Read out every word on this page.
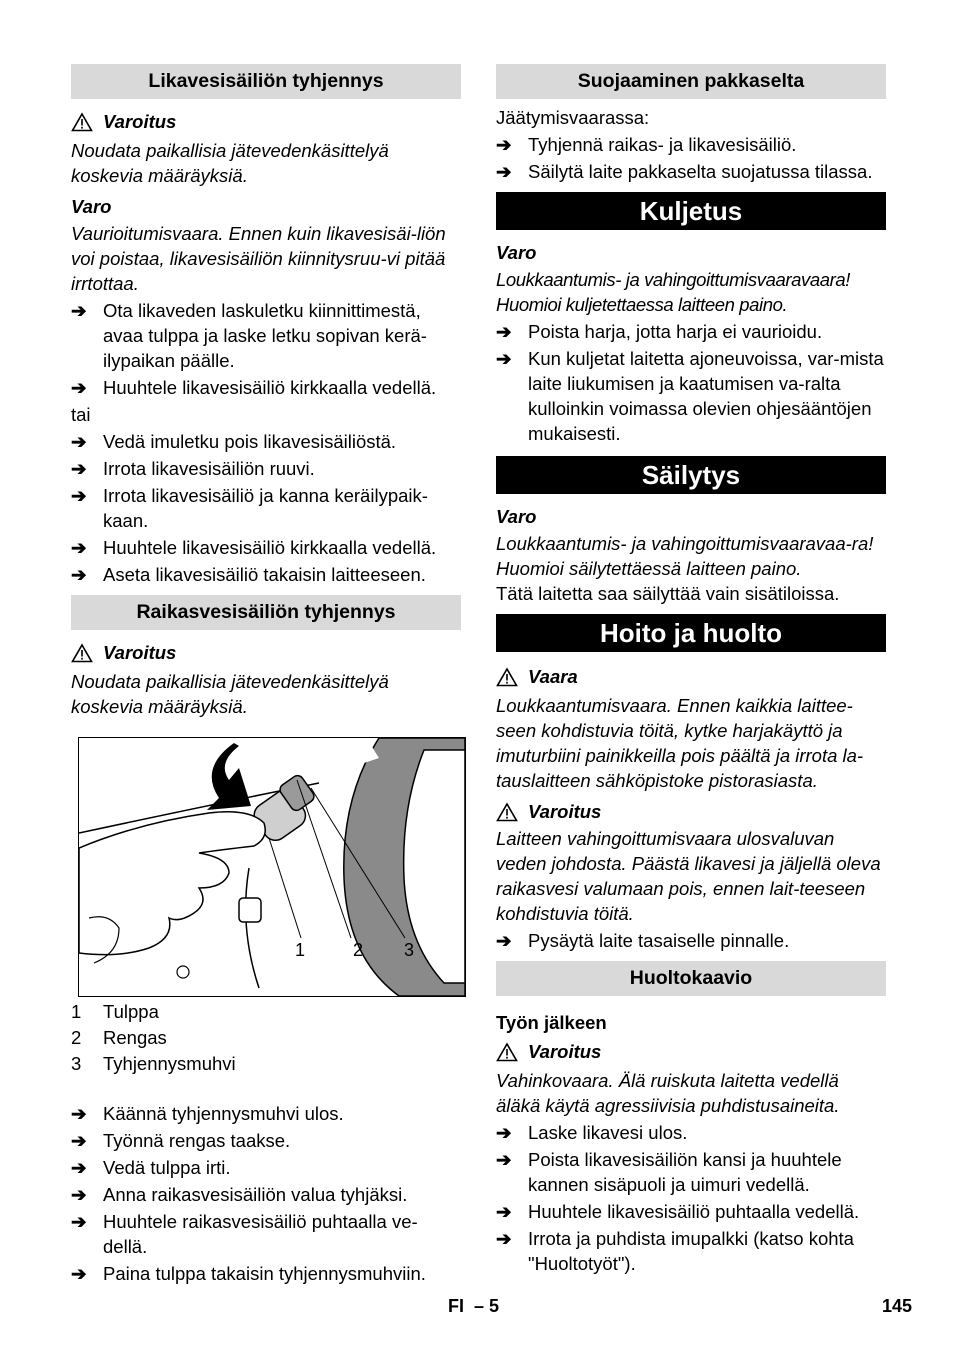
Likavesisäiliön tyhjennys
Varoitus
Noudata paikallisia jätevedenkäsittelyä koskevia määräyksiä.
Varo
Vaurioitumisvaara. Ennen kuin likavesisäi-liön voi poistaa, likavesisäiliön kiinnitysruu-vi pitää irrtottaa.
➔ Ota likaveden laskuletku kiinnittimestä, avaa tulppa ja laske letku sopivan kerä-ilypaikan päälle.
➔ Huuhtele likavesisäiliö kirkkaalla vedellä.
tai
➔ Vedä imuletku pois likavesisäiliöstä.
➔ Irrota likavesisäiliön ruuvi.
➔ Irrota likavesisäiliö ja kanna keräilypaik-kaan.
➔ Huuhtele likavesisäiliö kirkkaalla vedellä.
➔ Aseta likavesisäiliö takaisin laitteeseen.
Raikasvesisäiliön tyhjennys
Varoitus
Noudata paikallisia jätevedenkäsittelyä koskevia määräyksiä.
1	2 3
1	Tulppa
2	Rengas
3	Tyhjennysmuhvi
➔ Käännä tyhjennysmuhvi ulos.
➔ Työnnä rengas taakse.
➔ Vedä tulppa irti.
➔ Anna raikasvesisäiliön valua tyhjäksi.
➔ Huuhtele raikasvesisäiliö puhtaalla ve-dellä.
➔ Paina tulppa takaisin tyhjennysmuhviin.
Suojaaminen pakkaselta
Jäätymisvaarassa:
➔ Tyhjennä raikas- ja likavesisäiliö.
➔ Säilytä laite pakkaselta suojatussa tilassa.
Kuljetus
Varo
Loukkaantumis- ja vahingoittumisvaaravaara! Huomioi kuljetettaessa laitteen paino.
➔ Poista harja, jotta harja ei vaurioidu.
➔ Kun kuljetat laitetta ajoneuvoissa, var-mista laite liukumisen ja kaatumisen va-ralta kulloinkin voimassa olevien ohjesääntöjen mukaisesti.
Säilytys
Varo
Loukkaantumis- ja vahingoittumisvaaravaa-ra! Huomioi säilytettäessä laitteen paino.
Tätä laitetta saa säilyttää vain sisätiloissa.
Hoito ja huolto
Vaara
Loukkaantumisvaara. Ennen kaikkia laittee-seen kohdistuvia töitä, kytke harjakäyttö ja imuturbiini painikkeilla pois päältä ja irrota la-tauslaitteen sähköpistoke pistorasiasta.
Varoitus
Laitteen vahingoittumisvaara ulosvaluvan veden johdosta. Päästä likavesi ja jäljellä oleva raikasvesi valumaan pois, ennen lait-teeseen kohdistuvia töitä.
➔ Pysäytä laite tasaiselle pinnalle.
Huoltokaavio
Työn jälkeen
Varoitus
Vahinkovaara. Älä ruiskuta laitetta vedellä äläkä käytä agressiivisia puhdistusaineita.
➔ Laske likavesi ulos.
➔ Poista likavesisäiliön kansi ja huuhtele kannen sisäpuoli ja uimuri vedellä.
➔ Huuhtele likavesisäiliö puhtaalla vedellä.
➔ Irrota ja puhdista imupalkki (katso kohta "Huoltotyöt").
FI – 5	145
